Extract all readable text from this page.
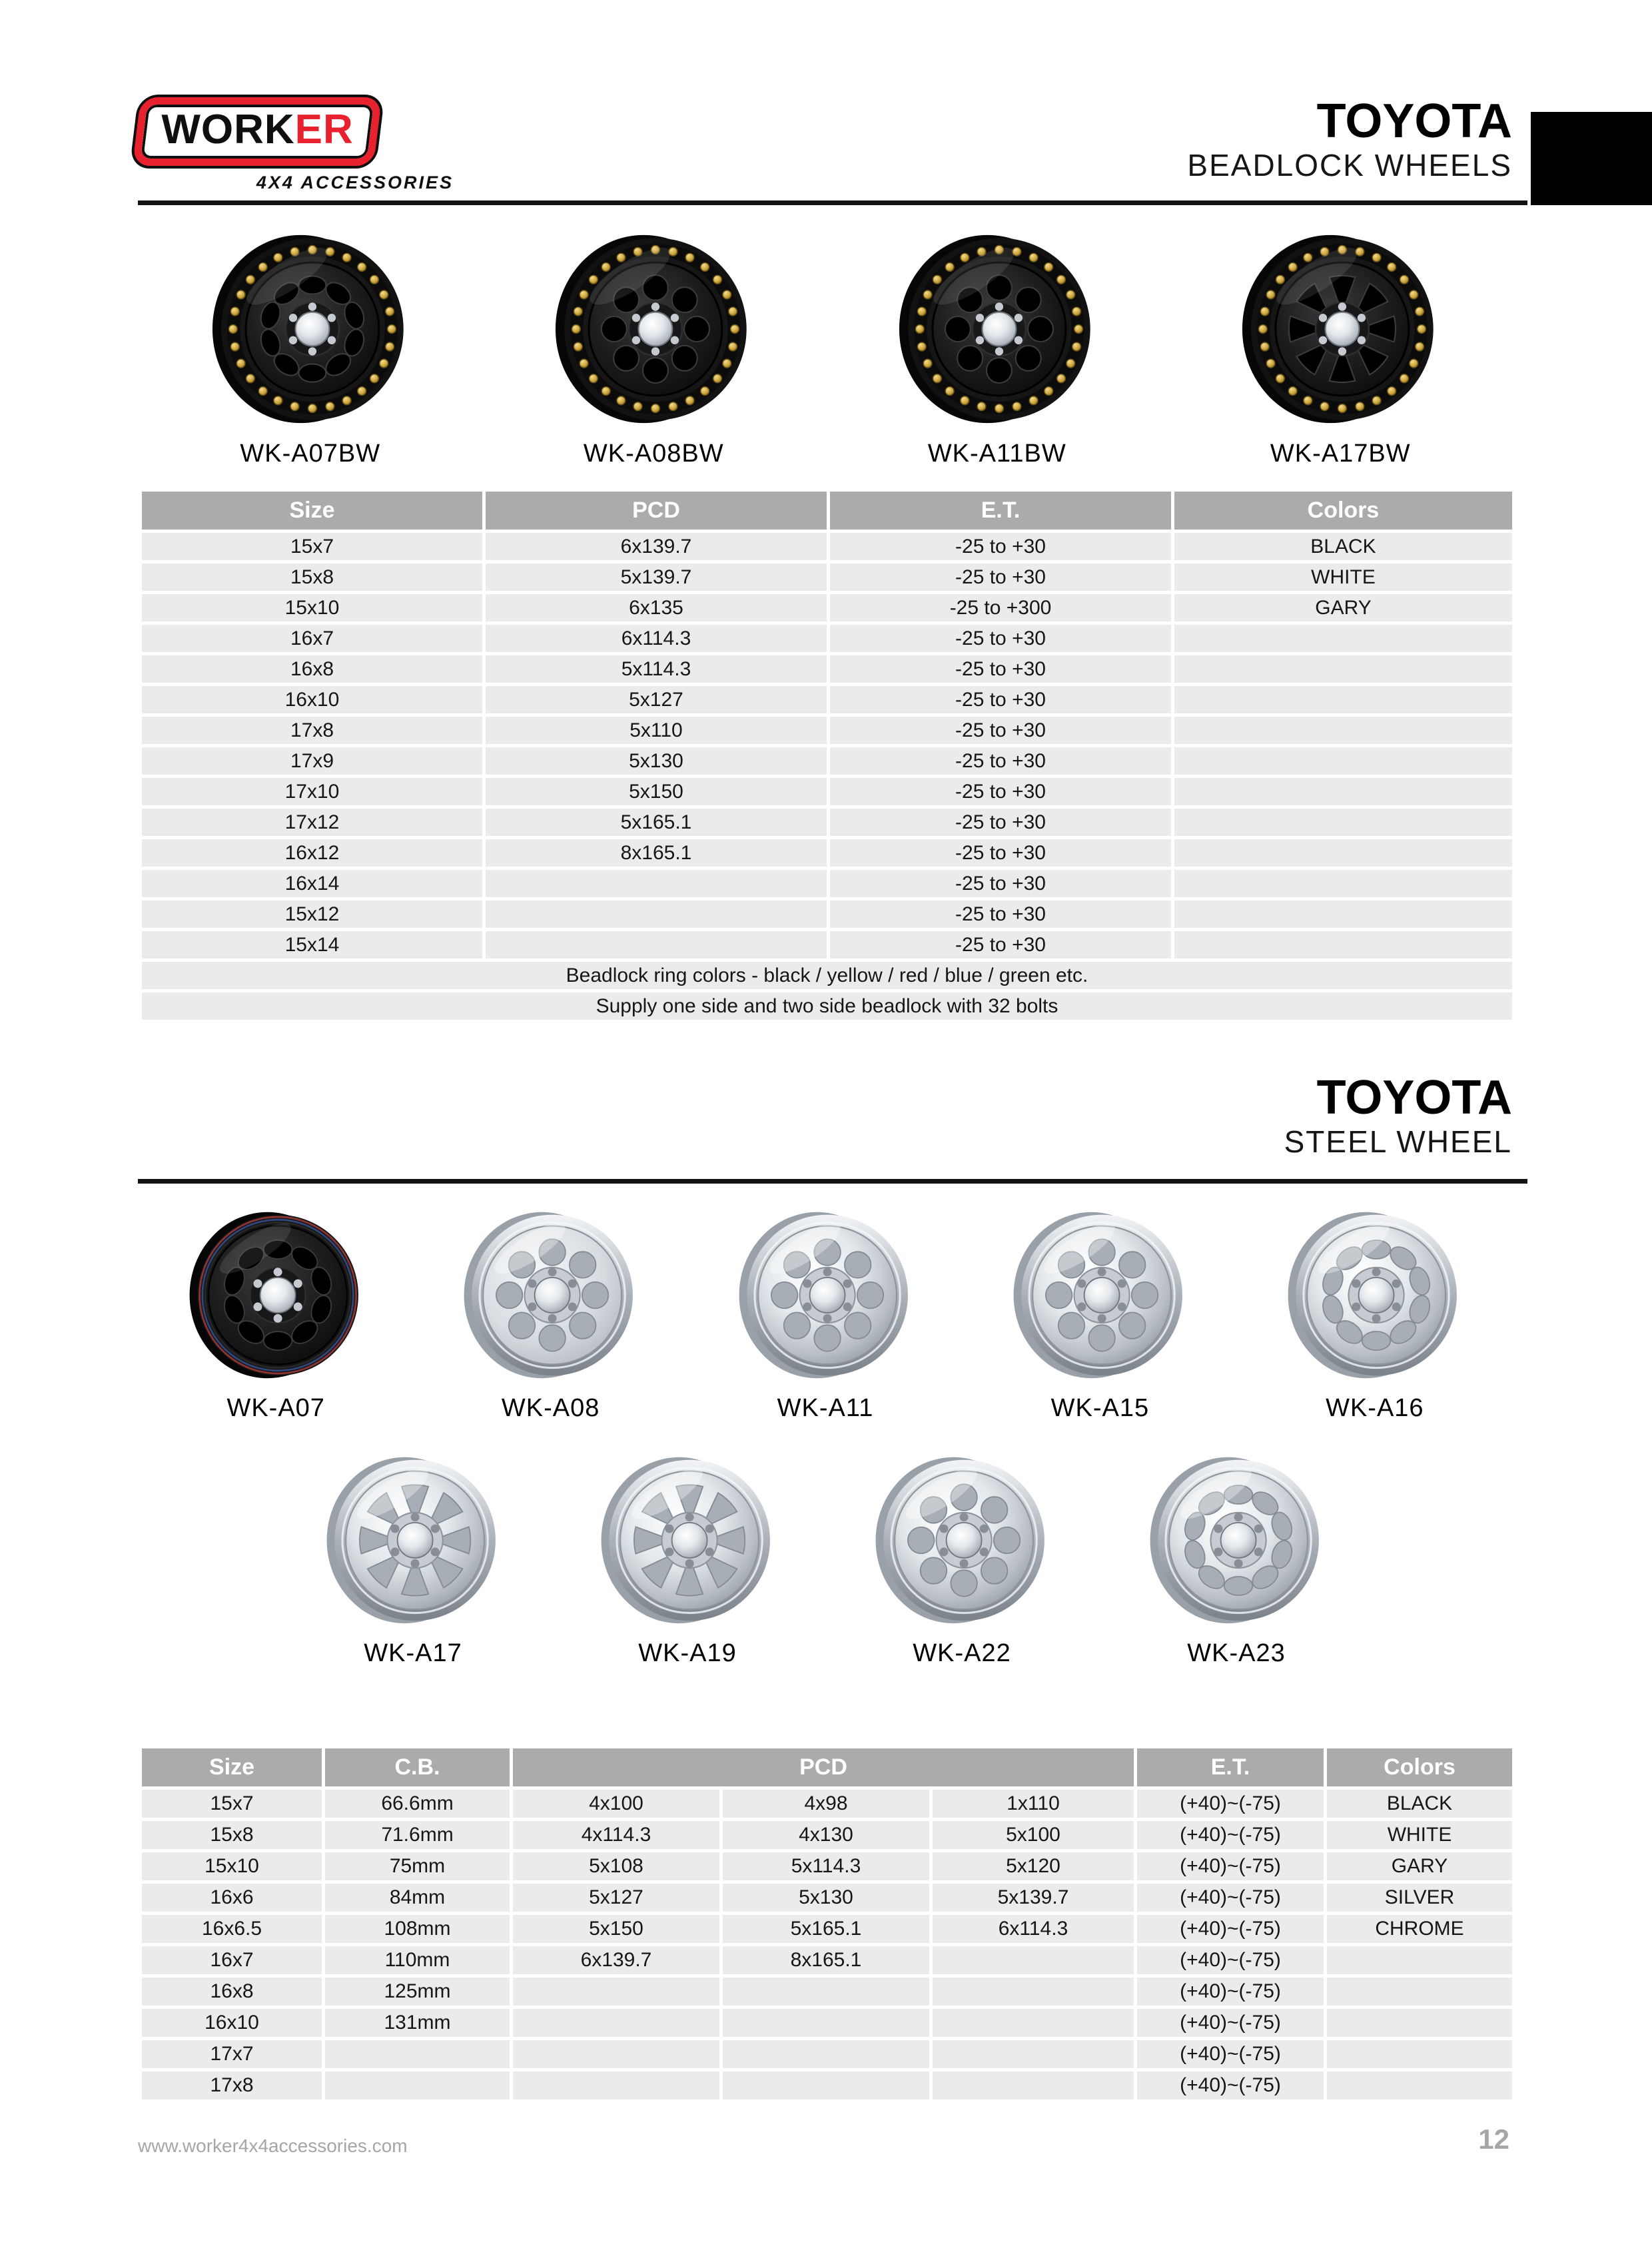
WORKER
4X4 ACCESSORIES
TOYOTA
BEADLOCK WHEELS
WK-A07BW	WK-A08BW	WK-A11BW	WK-A17BW
Size	PCD	E.T.	Colors
15x7	6x139.7	-25 to +30	BLACK
15x8	5x139.7	-25 to +30	WHITE
15x10	6x135	-25 to +300	GARY
16x7	6x114.3	-25 to +30	
16x8	5x114.3	-25 to +30	
16x10	5x127	-25 to +30	
17x8	5x110	-25 to +30	
17x9	5x130	-25 to +30	
17x10	5x150	-25 to +30	
17x12	5x165.1	-25 to +30	
16x12	8x165.1	-25 to +30	
16x14		-25 to +30	
15x12		-25 to +30	
15x14		-25 to +30	
Beadlock ring colors - black / yellow / red / blue / green etc.			
Supply one side and two side beadlock with 32 bolts			
TOYOTA
STEEL WHEEL
WK-A07	WK-A08	WK-A11	WK-A15	WK-A16
WK-A17	WK-A19	WK-A22	WK-A23
Size	C.B.	PCD			E.T.	Colors
15x7	66.6mm	4x100	4x98	1x110	(+40)~(-75)	BLACK
15x8	71.6mm	4x114.3	4x130	5x100	(+40)~(-75)	WHITE
15x10	75mm	5x108	5x114.3	5x120	(+40)~(-75)	GARY
16x6	84mm	5x127	5x130	5x139.7	(+40)~(-75)	SILVER
16x6.5	108mm	5x150	5x165.1	6x114.3	(+40)~(-75)	CHROME
16x7	110mm	6x139.7	8x165.1		(+40)~(-75)	
16x8	125mm				(+40)~(-75)	
16x10	131mm				(+40)~(-75)	
17x7					(+40)~(-75)	
17x8					(+40)~(-75)	
www.worker4x4accessories.com	12
